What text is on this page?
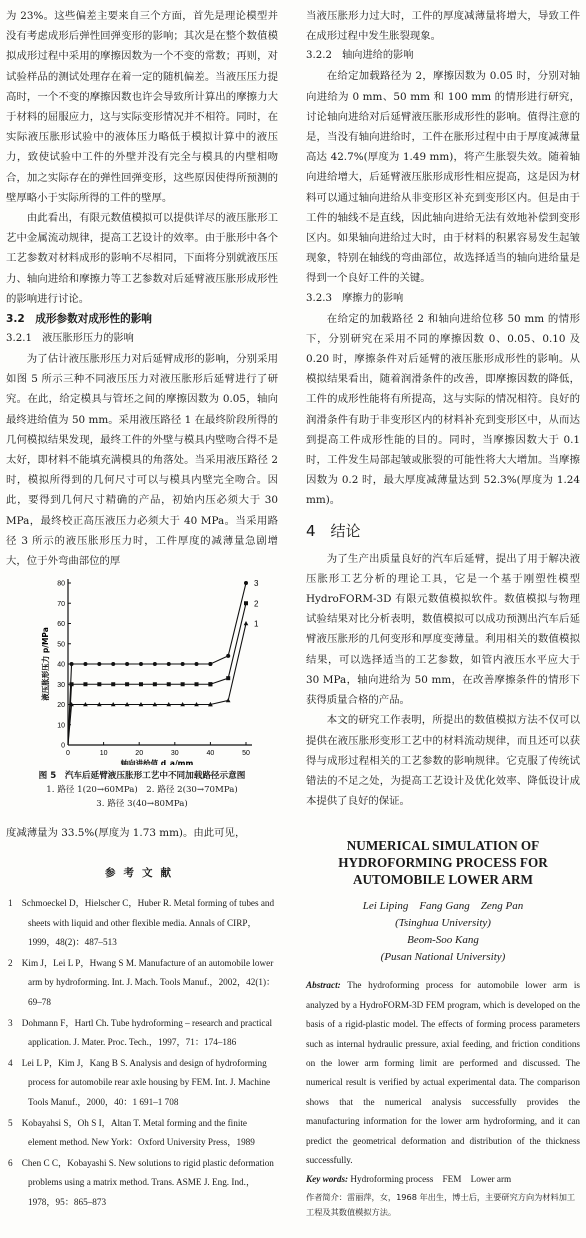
为 23%。这些偏差主要来自三个方面，首先是理论模型并没有考虑成形后弹性回弹变形的影响；其次是在整个数值模拟成形过程中采用的摩擦因数为一个不变的常数；再则，对试验样品的测试处理存在着一定的随机偏差。当液压压力提高时，一个不变的摩擦因数也许会导致所计算出的摩擦力大于材料的屈服应力，这与实际变形情况并不相符。同时，在实际液压胀形试验中的液体压力略低于模拟计算中的液压力，致使试验中工件的外壁并没有完全与模具的内壁相吻合，加之实际存在的弹性回弹变形，这些原因使得所预测的壁厚略小于实际所得的工件的壁厚。

由此看出，有限元数值模拟可以提供详尽的液压胀形工艺中金属流动规律，提高工艺设计的效率。由于胀形中各个工艺参数对材料成形的影响不尽相同，下面将分别就液压压力、轴向进给和摩擦力等工艺参数对后延臂液压胀形成形性的影响进行讨论。

3.2　成形参数对成形性的影响
3.2.1　液压胀形压力的影响

为了估计液压胀形压力对后延臂成形的影响，分别采用如图 5 所示三种不同液压压力对液压胀形后延臂进行了研究。在此，给定模具与管坯之间的摩擦因数为 0.05，轴向最终进给值为 50 mm。采用液压路径 1 在最终阶段所得的几何模拟结果发现，最终工件的外壁与模具内壁吻合得不是太好，即材料不能填充满模具的角落处。当采用液压路径 2 时，模拟所得到的几何尺寸可以与模具内壁完全吻合。因此，要得到几何尺寸精确的产品，初始内压必须大于 30 MPa，最终校正高压液压力必须大于 40 MPa。当采用路径 3 所示的液压胀形压力时，工件厚度的减薄量急剧增大，位于外弯曲部位的厚

0	10	20	30	40	50
0
10
20
30
40
50
60
70
80
轴向进给值 d_a/mm
液压胀形压力 p/MPa
1
2
3
图 5　汽车后延臂液压胀形工艺中不同加载路径示意图
1. 路径 1(20→60MPa)　2. 路径 2(30→70MPa)
3. 路径 3(40→80MPa)

度减薄量为 33.5%(厚度为 1.73 mm)。由此可见，

参考文献

1　Schmoeckel D，Hielscher C，Huber R. Metal forming of tubes and sheets with liquid and other flexible media. Annals of CIRP，1999，48(2)：487–513

2　Kim J，Lei L P，Hwang S M. Manufacture of an automobile lower arm by hydroforming. Int. J. Mach. Tools Manuf.，2002，42(1)：69–78

3　Dohmann F，Hartl Ch. Tube hydroforming – research and practical application. J. Mater. Proc. Tech.，1997，71：174–186

4　Lei L P，Kim J，Kang B S. Analysis and design of hydroforming process for automobile rear axle housing by FEM. Int. J. Machine Tools Manuf.，2000，40：1 691–1 708

5　Kobayahsi S，Oh S I，Altan T. Metal forming and the finite element method. New York：Oxford University Press，1989

6　Chen C C，Kobayashi S. New solutions to rigid plastic deformation problems using a matrix method. Trans. ASME J. Eng. Ind.，1978，95：865–873

当液压胀形力过大时，工件的厚度减薄量将增大，导致工件在成形过程中发生胀裂现象。

3.2.2　轴向进给的影响

在给定加载路径为 2，摩擦因数为 0.05 时，分别对轴向进给为 0 mm、50 mm 和 100 mm 的情形进行研究，讨论轴向进给对后延臂液压胀形成形性的影响。值得注意的是，当没有轴向进给时，工件在胀形过程中由于厚度减薄量高达 42.7%(厚度为 1.49 mm)，将产生胀裂失效。随着轴向进给增大，后延臂液压胀形成形性相应提高，这是因为材料可以通过轴向进给从非变形区补充到变形区内。但是由于工件的轴线不是直线，因此轴向进给无法有效地补偿到变形区内。如果轴向进给过大时，由于材料的积累容易发生起皱现象，特别在轴线的弯曲部位，故选择适当的轴向进给量是得到一个良好工件的关键。

3.2.3　摩擦力的影响

在给定的加载路径 2 和轴向进给位移 50 mm 的情形下，分别研究在采用不同的摩擦因数 0、0.05、0.10 及 0.20 时，摩擦条件对后延臂的液压胀形成形性的影响。从模拟结果看出，随着润滑条件的改善，即摩擦因数的降低，工件的成形性能将有所提高，这与实际的情况相符。良好的润滑条件有助于非变形区内的材料补充到变形区中，从而达到提高工件成形性能的目的。同时，当摩擦因数大于 0.1 时，工件发生局部起皱或胀裂的可能性将大大增加。当摩擦因数为 0.2 时，最大厚度减薄量达到 52.3%(厚度为 1.24 mm)。

4　结论

为了生产出质量良好的汽车后延臂，提出了用于解决液压胀形工艺分析的理论工具，它是一个基于刚塑性模型 HydroFORM-3D 有限元数值模拟软件。数值模拟与物理试验结果对比分析表明，数值模拟可以成功预测出汽车后延臂液压胀形的几何变形和厚度变薄量。利用相关的数值模拟结果，可以选择适当的工艺参数，如管内液压水平应大于 30 MPa，轴向进给为 50 mm，在改善摩擦条件的情形下获得质量合格的产品。

本文的研究工作表明，所提出的数值模拟方法不仅可以提供在液压胀形变形工艺中的材料流动规律，而且还可以获得与成形过程相关的工艺参数的影响规律。它克服了传统试错法的不足之处，为提高工艺设计及优化效率、降低设计成本提供了良好的保证。

NUMERICAL SIMULATION OF HYDROFORMING PROCESS FOR AUTOMOBILE LOWER ARM
Lei Liping　Fang Gang　Zeng Pan
(Tsinghua University)
Beom-Soo Kang
(Pusan National University)
Abstract: The hydroforming process for automobile lower arm is analyzed by a HydroFORM-3D FEM program, which is developed on the basis of a rigid-plastic model. The effects of forming process parameters such as internal hydraulic pressure, axial feeding, and friction conditions on the lower arm forming limit are performed and discussed. The numerical result is verified by actual experimental data. The comparison shows that the numerical analysis successfully provides the manufacturing information for the lower arm hydroforming, and it can predict the geometrical deformation and distribution of the thickness successfully.
Key words: Hydroforming process　FEM　Lower arm
作者简介：雷丽萍，女，1968 年出生，博士后，主要研究方向为材料加工工程及其数值模拟方法。
